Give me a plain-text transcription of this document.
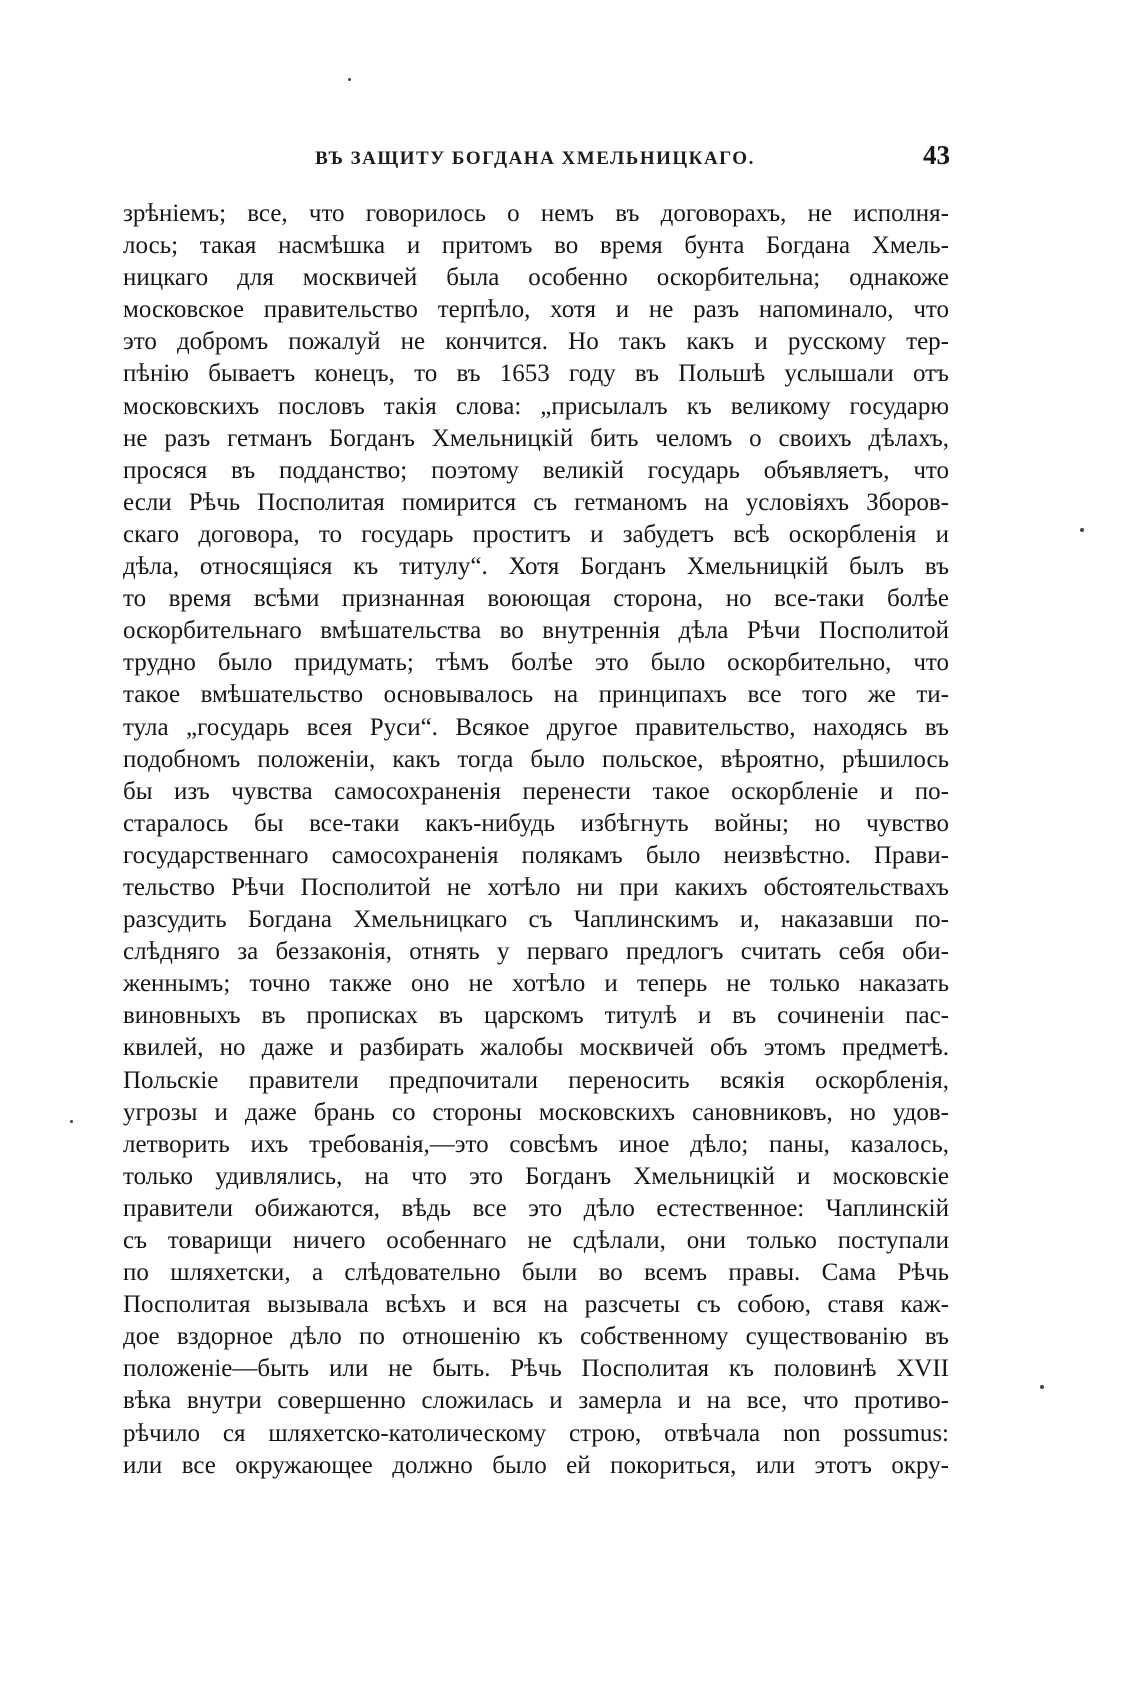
ВЪ ЗАЩИТУ БОГДАНА ХМЕЛЬНИЦКАГО.	43
зрѣніемъ; все, что говорилось о немъ въ договорахъ, не исполня-
лось; такая насмѣшка и притомъ во время бунта Богдана Хмель-
ницкаго для москвичей была особенно оскорбительна; однакоже
московское правительство терпѣло, хотя и не разъ напоминало, что
это добромъ пожалуй не кончится. Но такъ какъ и русскому тер-
пѣнію бываетъ конецъ, то въ 1653 году въ Польшѣ услышали отъ
московскихъ пословъ такія слова: „присылалъ къ великому государю
не разъ гетманъ Богданъ Хмельницкій бить челомъ о своихъ дѣлахъ,
просяся въ подданство; поэтому великій государь объявляетъ, что
если Рѣчь Посполитая помирится съ гетманомъ на условіяхъ Зборов-
скаго договора, то государь проститъ и забудетъ всѣ оскорбленія и
дѣла, относящіяся къ титулу“. Хотя Богданъ Хмельницкій былъ въ
то время всѣми признанная воюющая сторона, но все-таки болѣе
оскорбительнаго вмѣшательства во внутреннія дѣла Рѣчи Посполитой
трудно было придумать; тѣмъ болѣе это было оскорбительно, что
такое вмѣшательство основывалось на принципахъ все того же ти-
тула „государь всея Руси“. Всякое другое правительство, находясь въ
подобномъ положеніи, какъ тогда было польское, вѣроятно, рѣшилось
бы изъ чувства самосохраненія перенести такое оскорбленіе и по-
старалось бы все-таки какъ-нибудь избѣгнуть войны; но чувство
государственнаго самосохраненія полякамъ было неизвѣстно. Прави-
тельство Рѣчи Посполитой не хотѣло ни при какихъ обстоятельствахъ
разсудить Богдана Хмельницкаго съ Чаплинскимъ и, наказавши по-
слѣдняго за беззаконія, отнять у перваго предлогъ считать себя оби-
женнымъ; точно также оно не хотѣло и теперь не только наказать
виновныхъ въ прописках въ царскомъ титулѣ и въ сочиненіи пас-
квилей, но даже и разбирать жалобы москвичей объ этомъ предметѣ.
Польскіе правители предпочитали переносить всякія оскорбленія,
угрозы и даже брань со стороны московскихъ сановниковъ, но удов-
летворить ихъ требованія,—это совсѣмъ иное дѣло; паны, казалось,
только удивлялись, на что это Богданъ Хмельницкій и московскіе
правители обижаются, вѣдь все это дѣло естественное: Чаплинскій
съ товарищи ничего особеннаго не сдѣлали, они только поступали
по шляхетски, а слѣдовательно были во всемъ правы. Сама Рѣчь
Посполитая вызывала всѣхъ и вся на разсчеты съ собою, ставя каж-
дое вздорное дѣло по отношенію къ собственному существованію въ
положеніе—быть или не быть. Рѣчь Посполитая къ половинѣ XVII
вѣка внутри совершенно сложилась и замерла и на все, что противо-
рѣчило ся шляхетско-католическому строю, отвѣчала non possumus:
или все окружающее должно было ей покориться, или этотъ окру-
